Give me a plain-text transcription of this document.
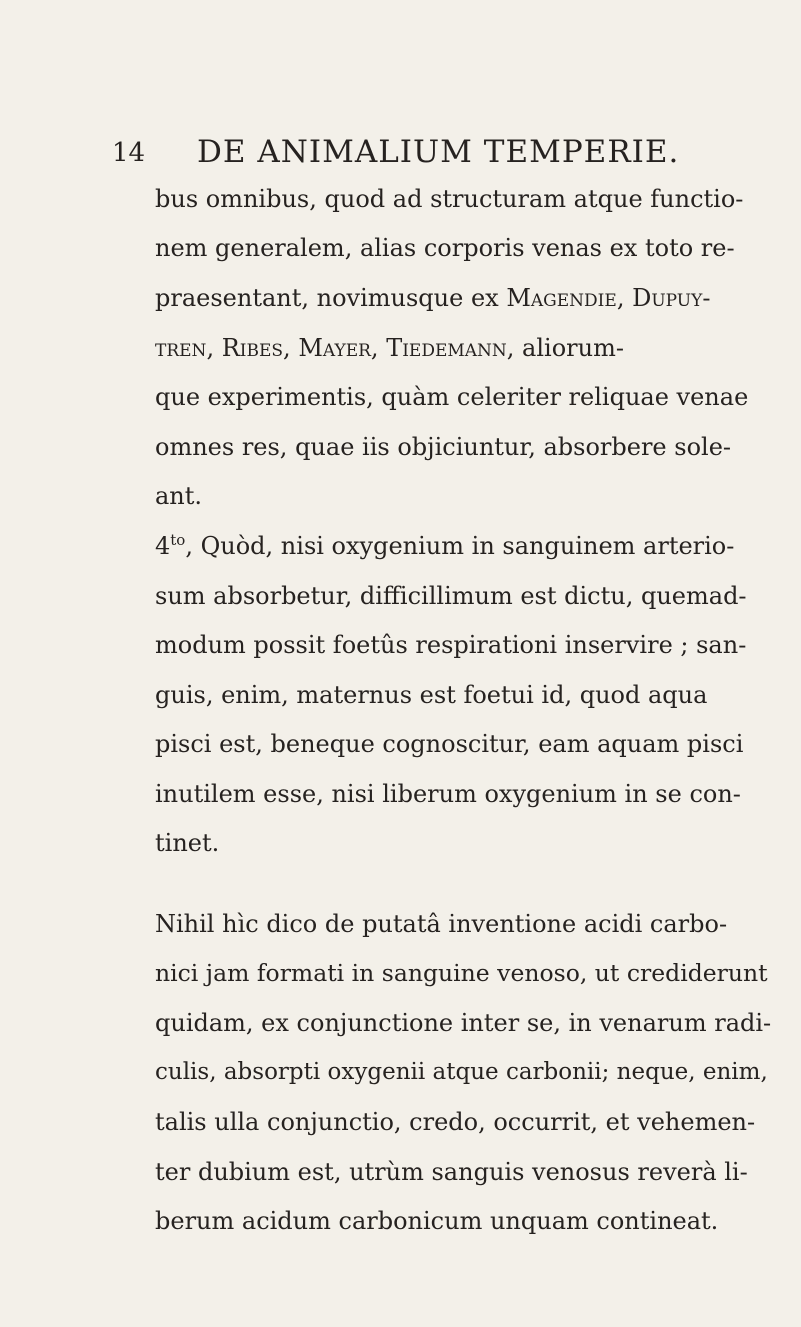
14 DE ANIMALIUM TEMPERIE.
bus omnibus, quod ad structuram atque functio-
nem generalem, alias corporis venas ex toto re-
praesentant, novimusque ex Magendie, Dupuy-
tren, Ribes, Mayer, Tiedemann, aliorum-
que experimentis, quàm celeriter reliquae venae
omnes res, quae iis objiciuntur, absorbere sole-
ant.
$4^{to}$, Quòd, nisi oxygenium in sanguinem arterio-
sum absorbetur, difficillimum est dictu, quemad-
modum possit foetûs respirationi inservire ; san-
guis, enim, maternus est foetui id, quod aqua
pisci est, beneque cognoscitur, eam aquam pisci
inutilem esse, nisi liberum oxygenium in se con-
tinet.
Nihil hìc dico de putatâ inventione acidi carbo-
nici jam formati in sanguine venoso, ut crediderunt
quidam, ex conjunctione inter se, in venarum radi-
culis, absorpti oxygenii atque carbonii; neque, enim,
talis ulla conjunctio, credo, occurrit, et vehemen-
ter dubium est, utrùm sanguis venosus reverà li-
berum acidum carbonicum unquam contineat.
